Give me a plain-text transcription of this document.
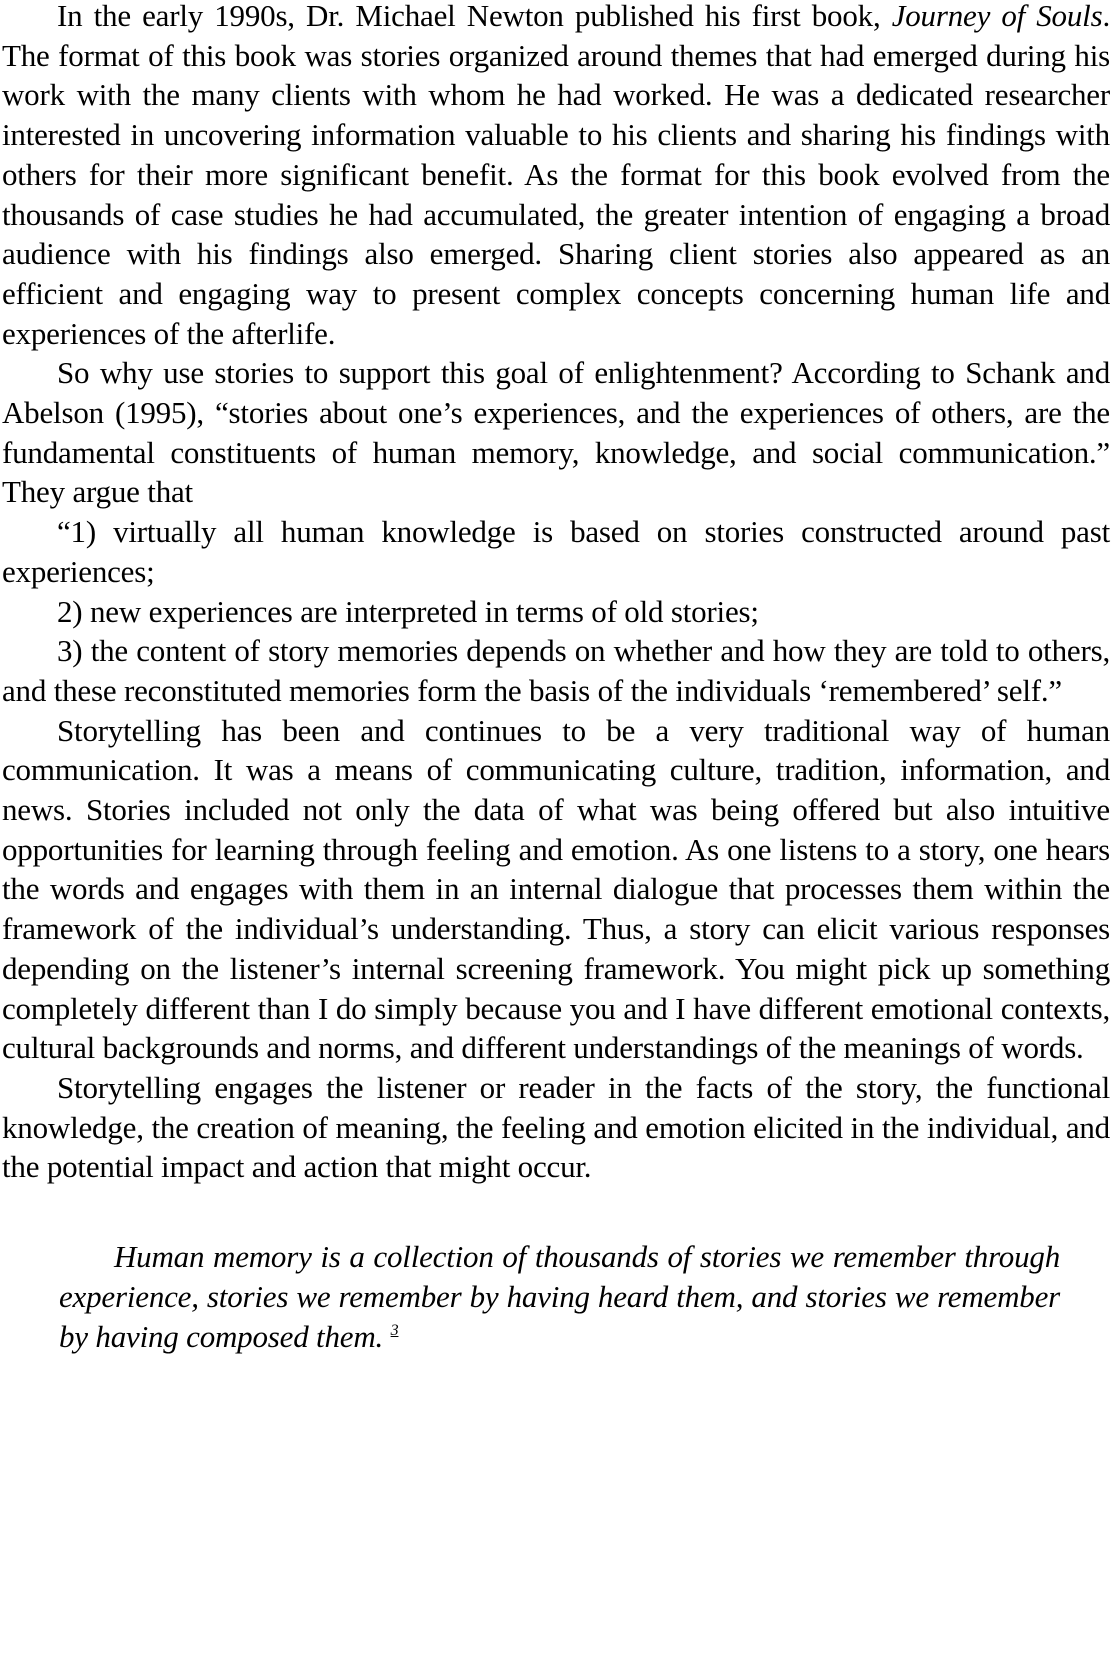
In the early 1990s, Dr. Michael Newton published his first book, Journey of Souls. The format of this book was stories organized around themes that had emerged during his work with the many clients with whom he had worked. He was a dedicated researcher interested in uncovering information valuable to his clients and sharing his findings with others for their more significant benefit. As the format for this book evolved from the thousands of case studies he had accumulated, the greater intention of engaging a broad audience with his findings also emerged. Sharing client stories also appeared as an efficient and engaging way to present complex concepts concerning human life and experiences of the afterlife.

So why use stories to support this goal of enlightenment? According to Schank and Abelson (1995), “stories about one’s experiences, and the experiences of others, are the fundamental constituents of human memory, knowledge, and social communication.” They argue that

“1) virtually all human knowledge is based on stories constructed around past experiences;

2) new experiences are interpreted in terms of old stories;

3) the content of story memories depends on whether and how they are told to others, and these reconstituted memories form the basis of the individuals ‘remembered’ self.”

Storytelling has been and continues to be a very traditional way of human communication. It was a means of communicating culture, tradition, information, and news. Stories included not only the data of what was being offered but also intuitive opportunities for learning through feeling and emotion. As one listens to a story, one hears the words and engages with them in an internal dialogue that processes them within the framework of the individual’s understanding. Thus, a story can elicit various responses depending on the listener’s internal screening framework. You might pick up something completely different than I do simply because you and I have different emotional contexts, cultural backgrounds and norms, and different understandings of the meanings of words.

Storytelling engages the listener or reader in the facts of the story, the functional knowledge, the creation of meaning, the feeling and emotion elicited in the individual, and the potential impact and action that might occur.

Human memory is a collection of thousands of stories we remember through experience, stories we remember by having heard them, and stories we remember by having composed them. $^3$
